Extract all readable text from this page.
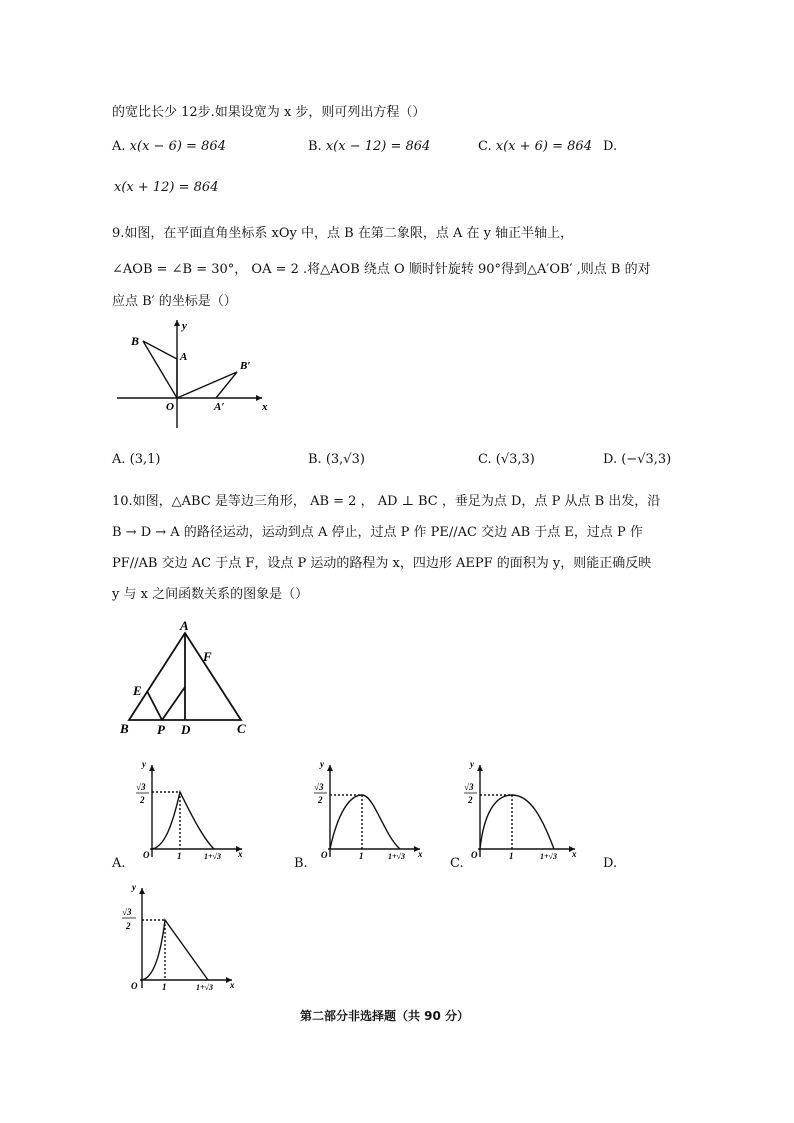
的宽比长少 12步.如果设宽为 x 步，则可列出方程（）
A. x(x − 6) = 864	B. x(x − 12) = 864	C. x(x + 6) = 864 D.
x(x + 12) = 864
9.如图，在平面直角坐标系 xOy 中，点 B 在第二象限，点 A 在 y 轴正半轴上，
∠AOB = ∠B = 30°， OA = 2 .将△AOB 绕点 O 顺时针旋转 90°得到△A′OB′ ,则点 B 的对
应点 B′ 的坐标是（）
B
y
A
B′
O	A′	x
A. (3,1)	B. (3,√3)	C. (√3,3)	D. (−√3,3)
10.如图，△ABC 是等边三角形， AB = 2 ， AD ⊥ BC ，垂足为点 D，点 P 从点 B 出发，沿
B → D → A 的路径运动，运动到点 A 停止，过点 P 作 PE//AC 交边 AB 于点 E，过点 P 作
PF//AB 交边 AC 于点 F，设点 P 运动的路程为 x，四边形 AEPF 的面积为 y，则能正确反映
y 与 x 之间函数关系的图象是（）
A
F
E
B P D	C
y
√3
2
O	1	1+√3 x
A.
y
√3
2
O	1	1+√3 x
B.
y
√3
2
O	1	1+√3 x
C.	D.
y
√3
2
O	1	1+√3 x
第二部分非选择题（共 90 分）
